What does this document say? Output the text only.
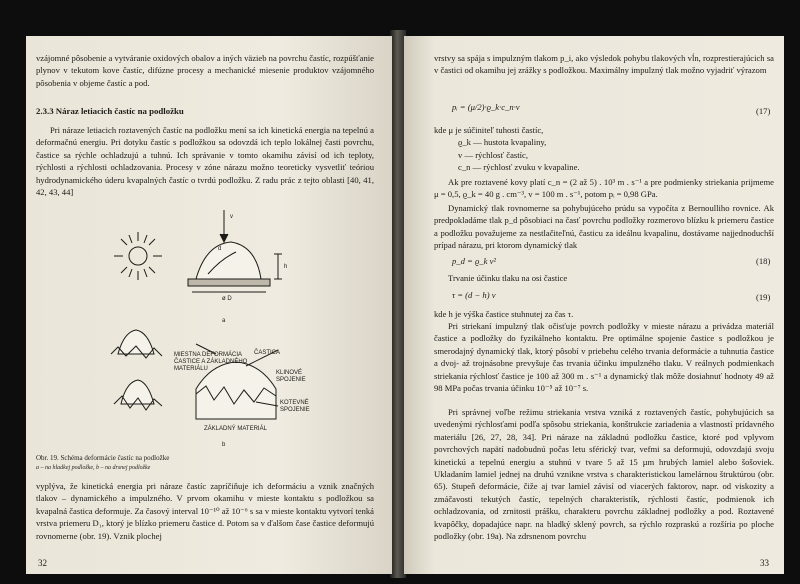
vzájomné pôsobenie a vytváranie oxidových obalov a iných väzieb na povrchu častíc, rozpúšťanie plynov v tekutom kove častíc, difúzne procesy a mechanické miesenie produktov vzájomného pôsobenia v objeme častíc a pod.

2.3.3 Náraz letiacich častíc na podložku

Pri náraze letiacich roztavených častíc na podložku mení sa ich kinetická energia na tepelnú a deformačnú energiu. Pri dotyku častíc s podložkou sa odovzdá ich teplo lokálnej časti povrchu, častice sa rýchle ochladzujú a tuhnú. Ich správanie v tomto okamihu závisí od ich teploty, rýchlosti a rýchlosti ochladzovania. Procesy v zóne nárazu možno teoreticky vysvetliť teóriou hydrodynamického úderu kvapalných častíc o tvrdú podložku. Z radu prác z tejto oblasti [40, 41, 42, 43, 44]

v
d
h
ø D
a
MIESTNA DEFORMÁCIA ČASTICE A ZÁKLADNÉHO MATERIÁLU
ČASTICA
KLINOVÉ SPOJENIE
KOTEVNÉ SPOJENIE
ZÁKLADNÝ MATERIÁL
b
Obr. 19. Schéma deformácie častíc na podložke
a – na hladkej podložke, b – na drsnej podložke

vyplýva, že kinetická energia pri náraze častíc zapríčiňuje ich deformáciu a vznik značných tlakov – dynamického a impulzného. V prvom okamihu v mieste kontaktu s podložkou sa kvapalná častica deformuje. Za časový interval 10⁻¹⁰ až 10⁻⁶ s sa v mieste kontaktu vytvorí tenká vrstva priemeru D₁, ktorý je blízko priemeru častice d. Potom sa v ďalšom čase častice deformujú rovnomerne (obr. 19). Vznik plochej

32

vrstvy sa spája s impulzným tlakom p_i, ako výsledok pohybu tlakových vĺn, rozprestierajúcich sa v častici od okamihu jej zrážky s podložkou. Maximálny impulzný tlak možno vyjadriť výrazom

pᵢ = (μ/2)·ϱ_k·c_n·v	(17)

kde μ je súčiniteľ tuhosti častíc,

ϱ_k — hustota kvapaliny,

v — rýchlosť častíc,

c_n — rýchlosť zvuku v kvapaline.

Ak pre roztavené kovy platí c_n = (2 až 5) . 10³ m . s⁻¹ a pre podmienky striekania prijmeme μ = 0,5, ϱ_k = 40 g . cm⁻³, v = 100 m . s⁻¹, potom pᵢ = 0,98 GPa.

Dynamický tlak rovnomerne sa pohybujúceho prúdu sa vypočíta z Bernoulliho rovnice. Ak predpokladáme tlak p_d pôsobiaci na časť povrchu podložky rozmerovo blízku k priemeru častice a podložku považujeme za nestlačiteľnú, časticu za ideálnu kvapalinu, dostávame najjednoduchší prípad nárazu, pri ktorom dynamický tlak

p_d = ϱ_k v²	(18)
Trvanie účinku tlaku na osi častice
τ = (d − h) v	(19)

kde h je výška častice stuhnutej za čas τ.

Pri striekaní impulzný tlak očisťuje povrch podložky v mieste nárazu a privádza materiál častice a podložky do fyzikálneho kontaktu. Pre optimálne spojenie častice s podložkou je smerodajný dynamický tlak, ktorý pôsobí v priebehu celého trvania deformácie a tuhnutia častice a dvoj- až trojnásobne prevyšuje čas trvania účinku impulzného tlaku. V reálnych podmienkach striekania rýchlosť častice je 100 až 300 m . s⁻¹ a dynamický tlak môže dosiahnuť hodnoty 49 až 98 MPa počas trvania účinku 10⁻⁵ až 10⁻⁷ s.

Pri správnej voľbe režimu striekania vrstva vzniká z roztavených častíc, pohybujúcich sa uvedenými rýchlosťami podľa spôsobu striekania, konštrukcie zariadenia a vlastností prídavného materiálu [26, 27, 28, 34]. Pri náraze na základnú podložku častice, ktoré pod vplyvom povrchových napätí nadobudnú počas letu sférický tvar, vefmi sa deformujú, odovzdajú svoju kinetickú a tepelnú energiu a stuhnú v tvare 5 až 15 µm hrubých lamiel alebo šošoviek. Ukladaním lamiel jednej na druhú vznikne vrstva s charakteristickou lamelárnou štruktúrou (obr. 65). Stupeň deformácie, čiže aj tvar lamiel závisí od viacerých faktorov, napr. od viskozity a zmáčavosti tekutých častíc, tepelných charakteristík, rýchlosti častíc, podmienok ich ochladzovania, od zrnitosti prášku, charakteru povrchu základnej podložky a pod. Roztavené kvapôčky, dopadajúce napr. na hladký sklený povrch, sa rýchlo rozpraskú a rozšíria po ploche podložky (obr. 19a). Na zdrsnenom povrchu

33
